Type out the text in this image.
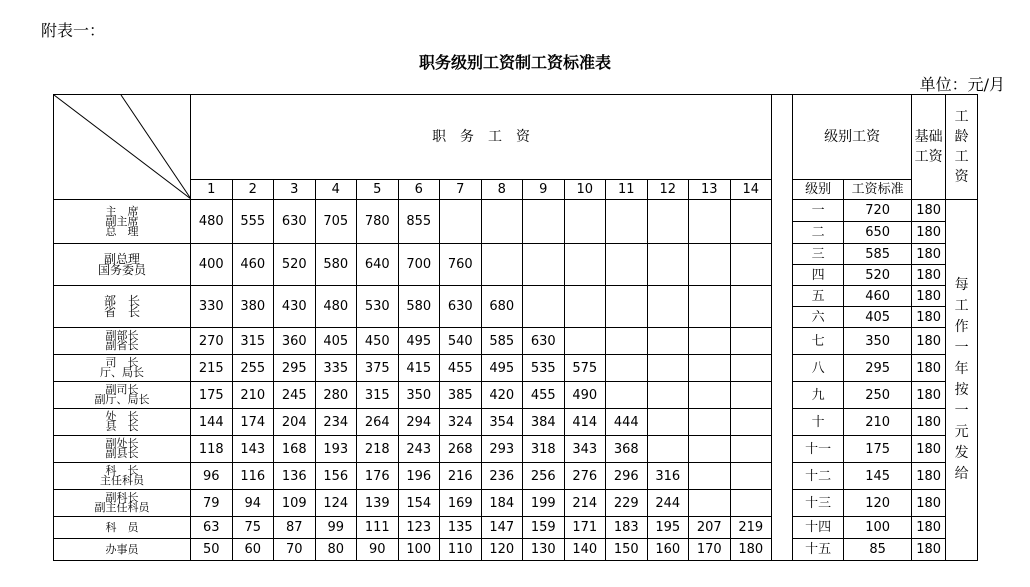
附表一：
职务级别工资制工资标准表
单位：元/月
	职　务　工　资															级别工资		基础工资	工龄工资
	1	2	3	4	5	6	7	8	9	10	11	12	13	14		级别	工资标准		

主　席
副主席
总　理	480	555	630	705	780	855										一	720	180	每工作一年按一元发给
																二	650	180	

副总理
国务委员	400	460	520	580	640	700	760									三	585	180	
																四	520	180	

部　长
省　长	330	380	430	480	530	580	630	680								五	460	180	
																六	405	180	

副部长
副省长	270	315	360	405	450	495	540	585	630							七	350	180	

司　长
厅、局长	215	255	295	335	375	415	455	495	535	575						八	295	180	

副司长
副厅、局长	175	210	245	280	315	350	385	420	455	490						九	250	180	

处　长
县　长	144	174	204	234	264	294	324	354	384	414	444					十	210	180	

副处长
副县长	118	143	168	193	218	243	268	293	318	343	368					十一	175	180	

科　长
主任科员	96	116	136	156	176	196	216	236	256	276	296	316				十二	145	180	

副科长
副主任科员	79	94	109	124	139	154	169	184	199	214	229	244				十三	120	180	

科　员	63	75	87	99	111	123	135	147	159	171	183	195	207	219		十四	100	180	

办事员	50	60	70	80	90	100	110	120	130	140	150	160	170	180		十五	85	180	
